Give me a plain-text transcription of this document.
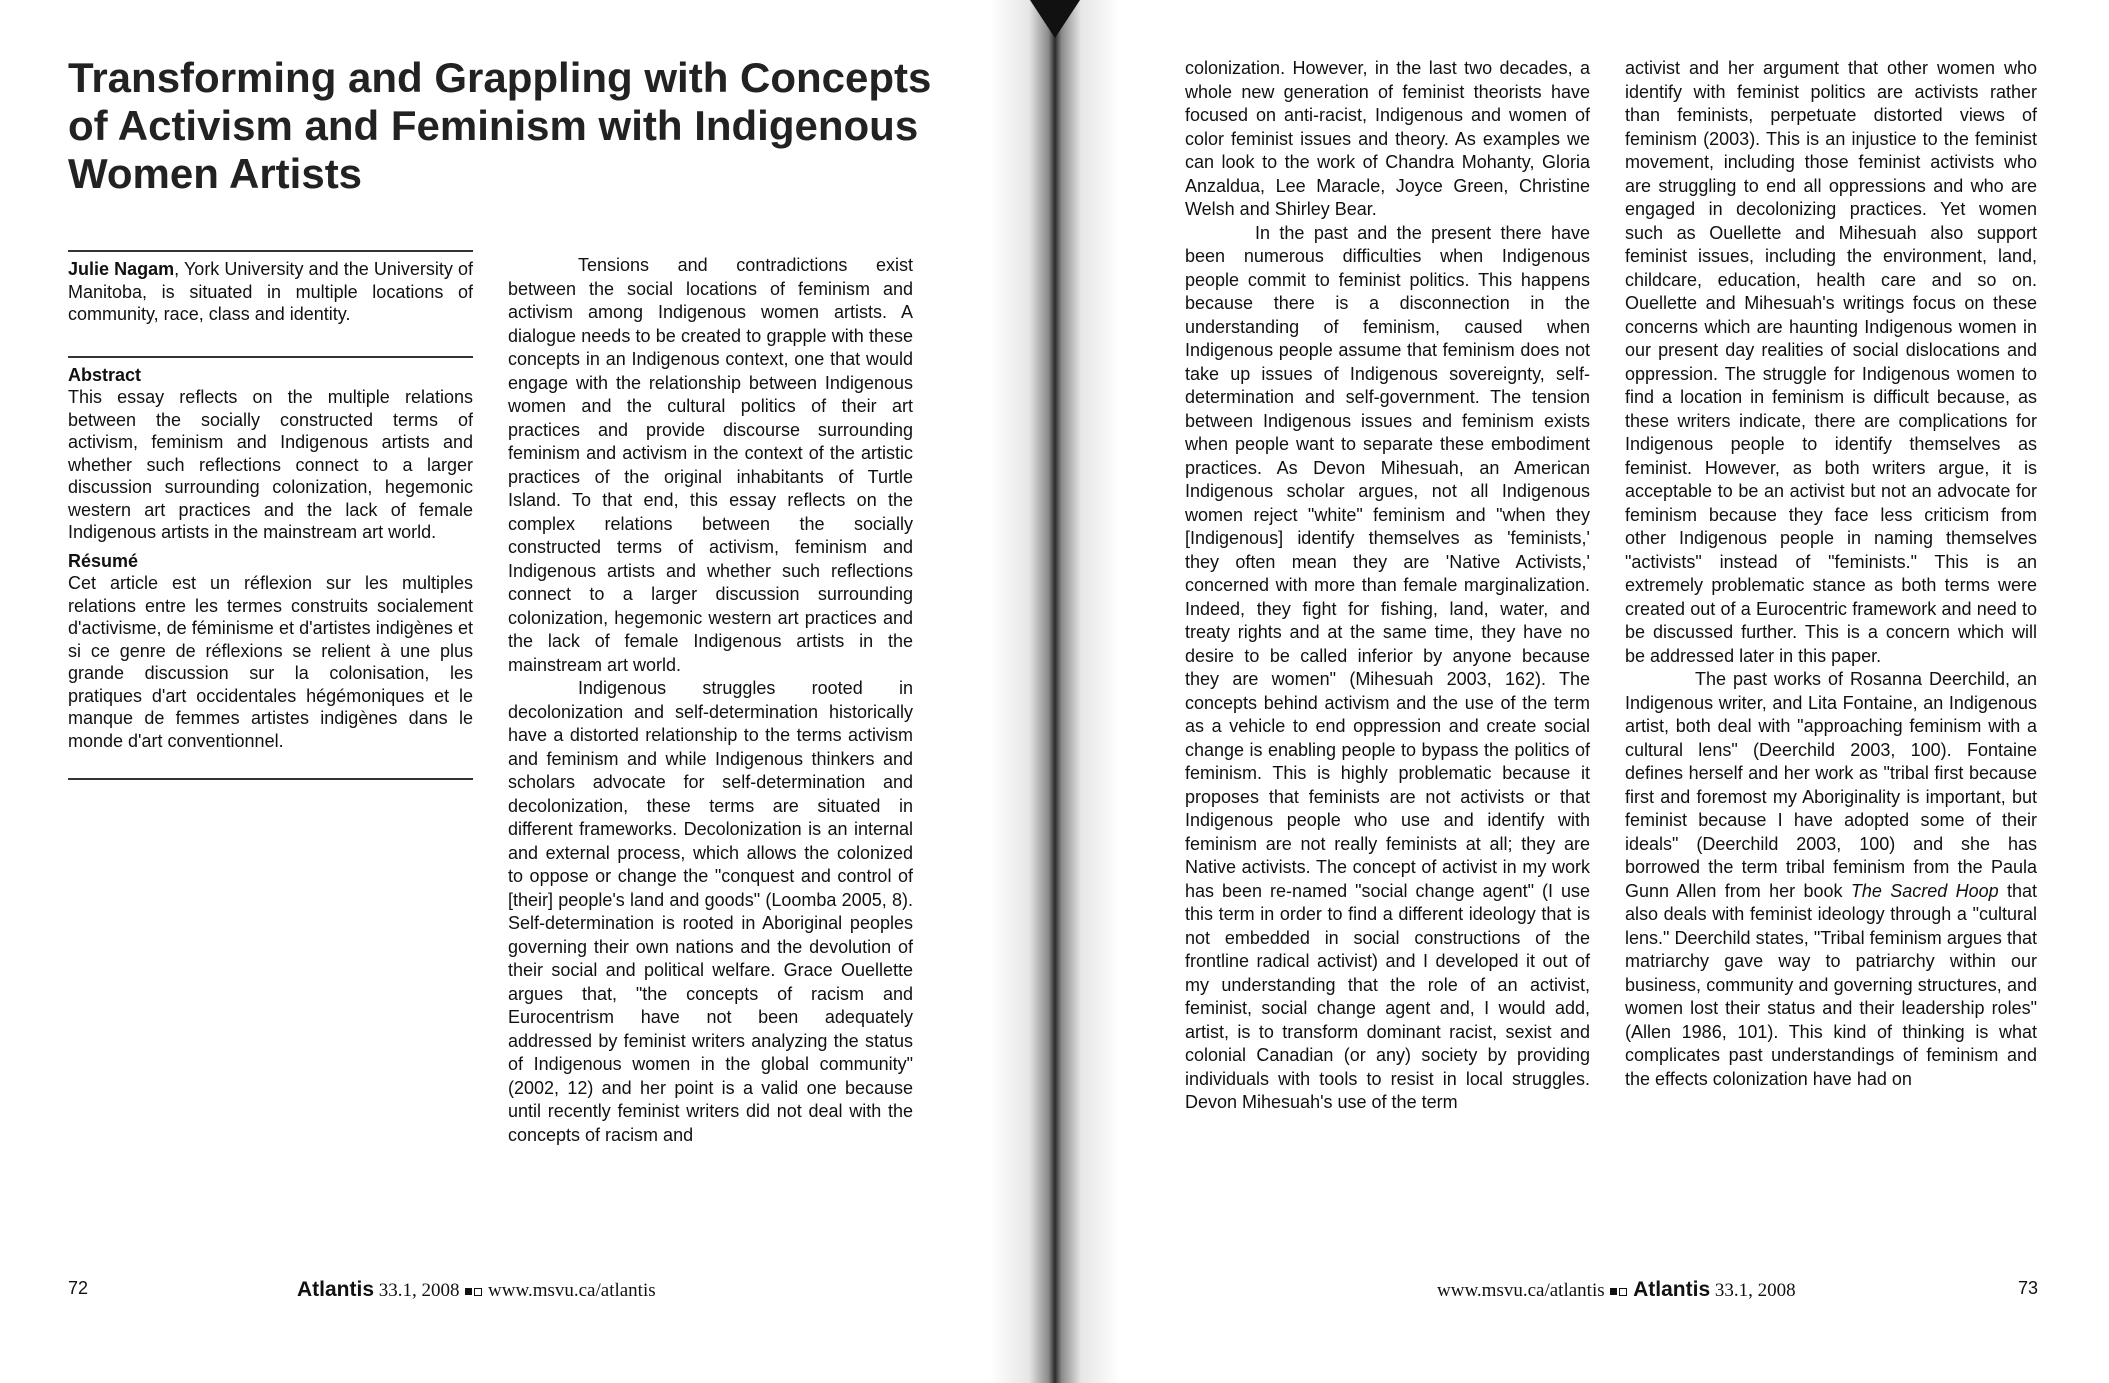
Transforming and Grappling with Concepts of Activism and Feminism with Indigenous Women Artists

Julie Nagam, York University and the University of Manitoba, is situated in multiple locations of community, race, class and identity.

Abstract

This essay reflects on the multiple relations between the socially constructed terms of activism, feminism and Indigenous artists and whether such reflections connect to a larger discussion surrounding colonization, hegemonic western art practices and the lack of female Indigenous artists in the mainstream art world.

Résumé

Cet article est un réflexion sur les multiples relations entre les termes construits socialement d'activisme, de féminisme et d'artistes indigènes et si ce genre de réflexions se relient à une plus grande discussion sur la colonisation, les pratiques d'art occidentales hégémoniques et le manque de femmes artistes indigènes dans le monde d'art conventionnel.

Tensions and contradictions exist between the social locations of feminism and activism among Indigenous women artists. A dialogue needs to be created to grapple with these concepts in an Indigenous context, one that would engage with the relationship between Indigenous women and the cultural politics of their art practices and provide discourse surrounding feminism and activism in the context of the artistic practices of the original inhabitants of Turtle Island. To that end, this essay reflects on the complex relations between the socially constructed terms of activism, feminism and Indigenous artists and whether such reflections connect to a larger discussion surrounding colonization, hegemonic western art practices and the lack of female Indigenous artists in the mainstream art world.

Indigenous struggles rooted in decolonization and self-determination historically have a distorted relationship to the terms activism and feminism and while Indigenous thinkers and scholars advocate for self-determination and decolonization, these terms are situated in different frameworks. Decolonization is an internal and external process, which allows the colonized to oppose or change the "conquest and control of [their] people's land and goods" (Loomba 2005, 8). Self-determination is rooted in Aboriginal peoples governing their own nations and the devolution of their social and political welfare. Grace Ouellette argues that, "the concepts of racism and Eurocentrism have not been adequately addressed by feminist writers analyzing the status of Indigenous women in the global community" (2002, 12) and her point is a valid one because until recently feminist writers did not deal with the concepts of racism and

72	Atlantis 33.1, 2008 www.msvu.ca/atlantis

colonization. However, in the last two decades, a whole new generation of feminist theorists have focused on anti-racist, Indigenous and women of color feminist issues and theory. As examples we can look to the work of Chandra Mohanty, Gloria Anzaldua, Lee Maracle, Joyce Green, Christine Welsh and Shirley Bear.

In the past and the present there have been numerous difficulties when Indigenous people commit to feminist politics. This happens because there is a disconnection in the understanding of feminism, caused when Indigenous people assume that feminism does not take up issues of Indigenous sovereignty, self-determination and self-government. The tension between Indigenous issues and feminism exists when people want to separate these embodiment practices. As Devon Mihesuah, an American Indigenous scholar argues, not all Indigenous women reject "white" feminism and "when they [Indigenous] identify themselves as 'feminists,' they often mean they are 'Native Activists,' concerned with more than female marginalization. Indeed, they fight for fishing, land, water, and treaty rights and at the same time, they have no desire to be called inferior by anyone because they are women" (Mihesuah 2003, 162). The concepts behind activism and the use of the term as a vehicle to end oppression and create social change is enabling people to bypass the politics of feminism. This is highly problematic because it proposes that feminists are not activists or that Indigenous people who use and identify with feminism are not really feminists at all; they are Native activists. The concept of activist in my work has been re-named "social change agent" (I use this term in order to find a different ideology that is not embedded in social constructions of the frontline radical activist) and I developed it out of my understanding that the role of an activist, feminist, social change agent and, I would add, artist, is to transform dominant racist, sexist and colonial Canadian (or any) society by providing individuals with tools to resist in local struggles. Devon Mihesuah's use of the term

activist and her argument that other women who identify with feminist politics are activists rather than feminists, perpetuate distorted views of feminism (2003). This is an injustice to the feminist movement, including those feminist activists who are struggling to end all oppressions and who are engaged in decolonizing practices. Yet women such as Ouellette and Mihesuah also support feminist issues, including the environment, land, childcare, education, health care and so on. Ouellette and Mihesuah's writings focus on these concerns which are haunting Indigenous women in our present day realities of social dislocations and oppression. The struggle for Indigenous women to find a location in feminism is difficult because, as these writers indicate, there are complications for Indigenous people to identify themselves as feminist. However, as both writers argue, it is acceptable to be an activist but not an advocate for feminism because they face less criticism from other Indigenous people in naming themselves "activists" instead of "feminists." This is an extremely problematic stance as both terms were created out of a Eurocentric framework and need to be discussed further. This is a concern which will be addressed later in this paper.

The past works of Rosanna Deerchild, an Indigenous writer, and Lita Fontaine, an Indigenous artist, both deal with "approaching feminism with a cultural lens" (Deerchild 2003, 100). Fontaine defines herself and her work as "tribal first because first and foremost my Aboriginality is important, but feminist because I have adopted some of their ideals" (Deerchild 2003, 100) and she has borrowed the term tribal feminism from the Paula Gunn Allen from her book The Sacred Hoop that also deals with feminist ideology through a "cultural lens." Deerchild states, "Tribal feminism argues that matriarchy gave way to patriarchy within our business, community and governing structures, and women lost their status and their leadership roles" (Allen 1986, 101). This kind of thinking is what complicates past understandings of feminism and the effects colonization have had on

www.msvu.ca/atlantis Atlantis 33.1, 2008	73
